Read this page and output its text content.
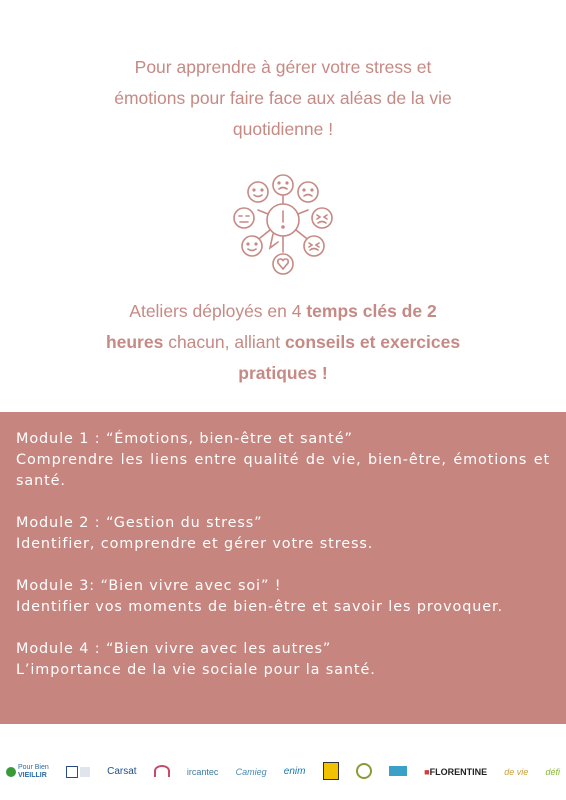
Pour apprendre à gérer votre stress et
émotions pour faire face aux aléas de la vie
quotidienne !
Ateliers déployés en 4 temps clés de 2
heures chacun, alliant conseils et exercices
pratiques !

Module 1 : “Émotions, bien-être et santé”

Comprendre les liens entre qualité de vie, bien-être, émotions et santé.

Module 2 : “Gestion du stress”

Identifier, comprendre et gérer votre stress.

Module 3: “Bien vivre avec soi” !

Identifier vos moments de bien-être et savoir les provoquer.

Module 4 : “Bien vivre avec les autres”

L’importance de la vie sociale pour la santé.

Pour Bien
VIEILLIR	Carsat	ircantec Camieg enim	■FLORENTINE de vie défi
